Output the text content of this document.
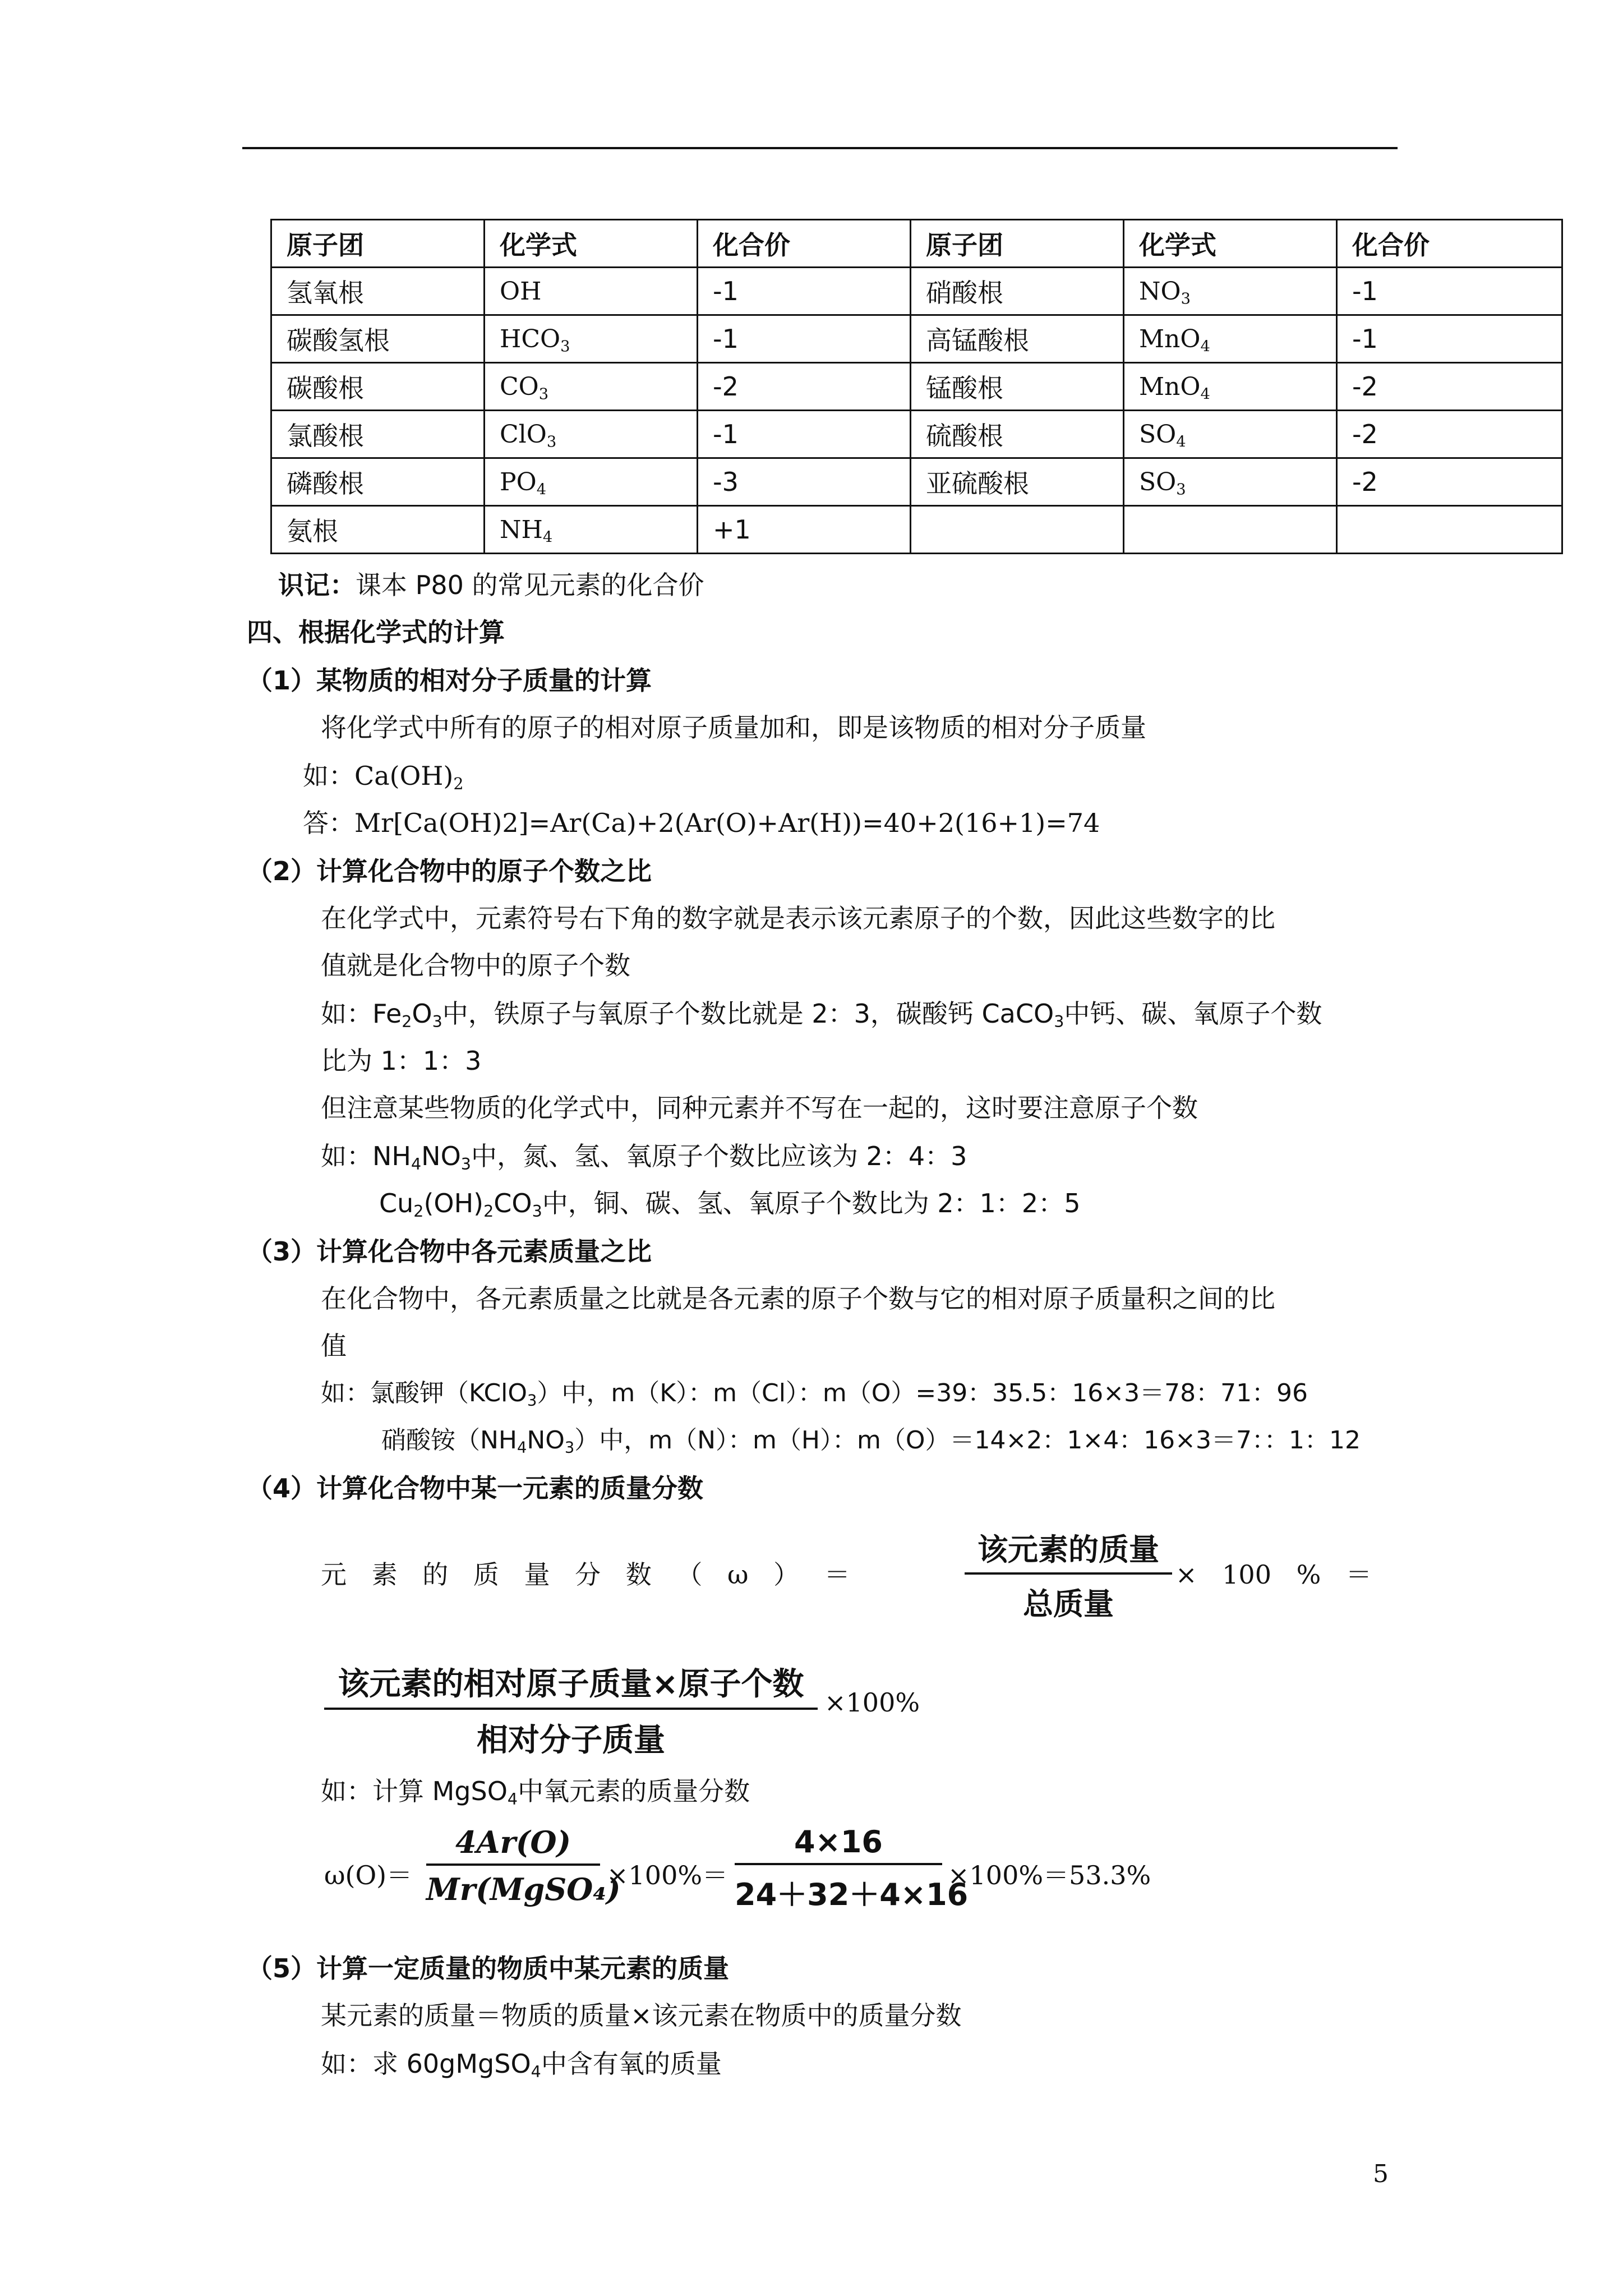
原子团	化学式	化合价	原子团	化学式	化合价
氢氧根	OH	-1	硝酸根	$NO_3$	-1
碳酸氢根	$HCO_3$	-1	高锰酸根	MnO$_4$	-1
碳酸根	$CO_3$	-2	锰酸根	MnO$_4$	-2
氯酸根	ClO$_3$	-1	硫酸根	$SO_4$	-2
磷酸根	$PO_4$	-3	亚硫酸根	$SO_3$	-2
氨根	$NH_4$	+1			
识记：课本 P80 的常见元素的化合价
四、根据化学式的计算
（1）某物质的相对分子质量的计算
将化学式中所有的原子的相对原子质量加和，即是该物质的相对分子质量
如：$Ca(OH)_2$
答：Mr[Ca(OH)2]=Ar(Ca)+2(Ar(O)+Ar(H))=40+2(16+1)=74
（2）计算化合物中的原子个数之比
在化学式中，元素符号右下角的数字就是表示该元素原子的个数，因此这些数字的比
值就是化合物中的原子个数
如：$Fe_2O_3$中，铁原子与氧原子个数比就是 2：3，碳酸钙 CaCO$_3$中钙、碳、氧原子个数
比为 1：1：3
但注意某些物质的化学式中，同种元素并不写在一起的，这时要注意原子个数
如：$NH_4NO_3$中，氮、氢、氧原子个数比应该为 2：4：3
$Cu_2(OH)_2CO_3$中，铜、碳、氢、氧原子个数比为 2：1：2：5
（3）计算化合物中各元素质量之比
在化合物中，各元素质量之比就是各元素的原子个数与它的相对原子质量积之间的比
值
如：氯酸钾（KClO$_3$）中，m（K）：m（Cl）：m（O）=39：35.5：16×3＝78：71：96
硝酸铵$(NH_4NO_3)$中，m（N）：m（H）：m（O）＝14×2：1×4：16×3＝7：：1：12
（4）计算化合物中某一元素的质量分数
元 素 的 质 量 分 数 （ ω ） ＝
该元素的质量
总质量
× 100 % ＝
该元素的相对原子质量×原子个数
相对分子质量
×100%
如：计算 MgSO$_4$中氧元素的质量分数
ω(O)＝
4Ar(O)
Mr(MgSO₄)
×100%＝
4×16
24＋32＋4×16
×100%＝53.3%
（5）计算一定质量的物质中某元素的质量
某元素的质量＝物质的质量×该元素在物质中的质量分数
如：求 60gMgSO$_4$中含有氧的质量
5
